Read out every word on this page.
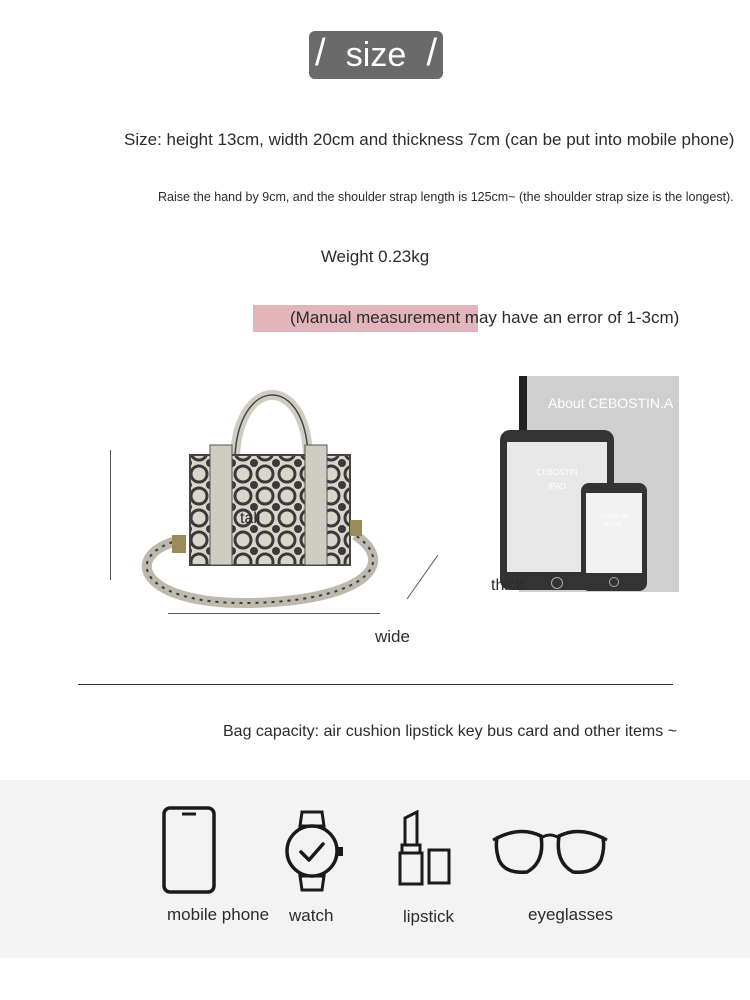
/ size /
Size: height 13cm, width 20cm and thickness 7cm (can be put into mobile phone)
Raise the hand by 9cm, and the shoulder strap length is 125cm~ (the shoulder strap size is the longest).
Weight 0.23kg
(Manual measurement may have an error of 1-3cm)
tall
wide
About CEBOSTIN.A
CEBOSTIN
IPAD
CEBOSTIN
PHONE
thick
Bag capacity: air cushion lipstick key bus card and other items ~
mobile phone watch	lipstick	eyeglasses
